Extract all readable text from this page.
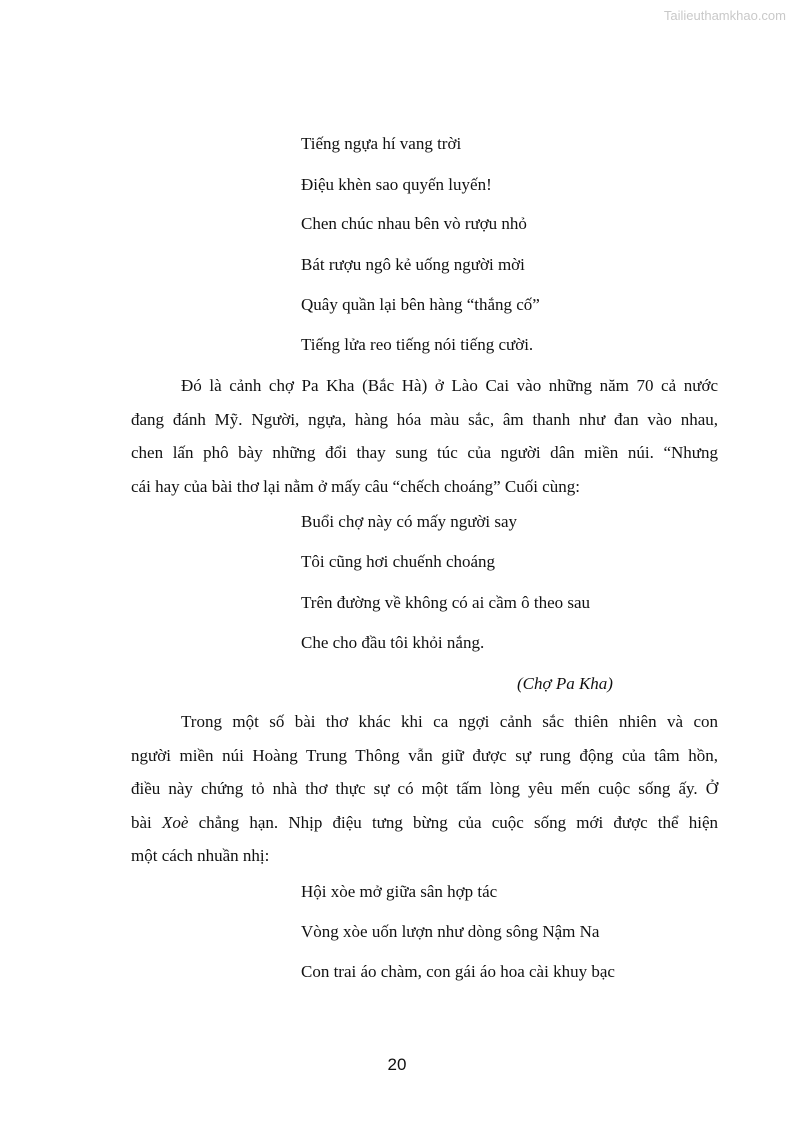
Tailieuthamkhao.com
Tiếng ngựa hí vang trời
Điệu khèn sao quyến luyến!
Chen chúc nhau bên vò rượu nhỏ
Bát rượu ngô kẻ uống người mời
Quây quần lại bên hàng “thắng cố”
Tiếng lửa reo tiếng nói tiếng cười.
Đó là cảnh chợ Pa Kha (Bắc Hà) ở Lào Cai vào những năm 70 cả nước
đang đánh Mỹ. Người, ngựa, hàng hóa màu sắc, âm thanh như đan vào nhau,
chen lấn phô bày những đổi thay sung túc của người dân miền núi. “Nhưng
cái hay của bài thơ lại nằm ở mấy câu “chếch choáng” Cuối cùng:
Buổi chợ này có mấy người say
Tôi cũng hơi chuếnh choáng
Trên đường về không có ai cầm ô theo sau
Che cho đầu tôi khỏi nắng.
(Chợ Pa Kha)
Trong một số bài thơ khác khi ca ngợi cảnh sắc thiên nhiên và con
người miền núi Hoàng Trung Thông vẫn giữ được sự rung động của tâm hồn,
điều này chứng tỏ nhà thơ thực sự có một tấm lòng yêu mến cuộc sống ấy. Ở
bài Xoè chẳng hạn. Nhịp điệu tưng bừng của cuộc sống mới được thể hiện
một cách nhuần nhị:
Hội xòe mở giữa sân hợp tác
Vòng xòe uốn lượn như dòng sông Nậm Na
Con trai áo chàm, con gái áo hoa cài khuy bạc
20
